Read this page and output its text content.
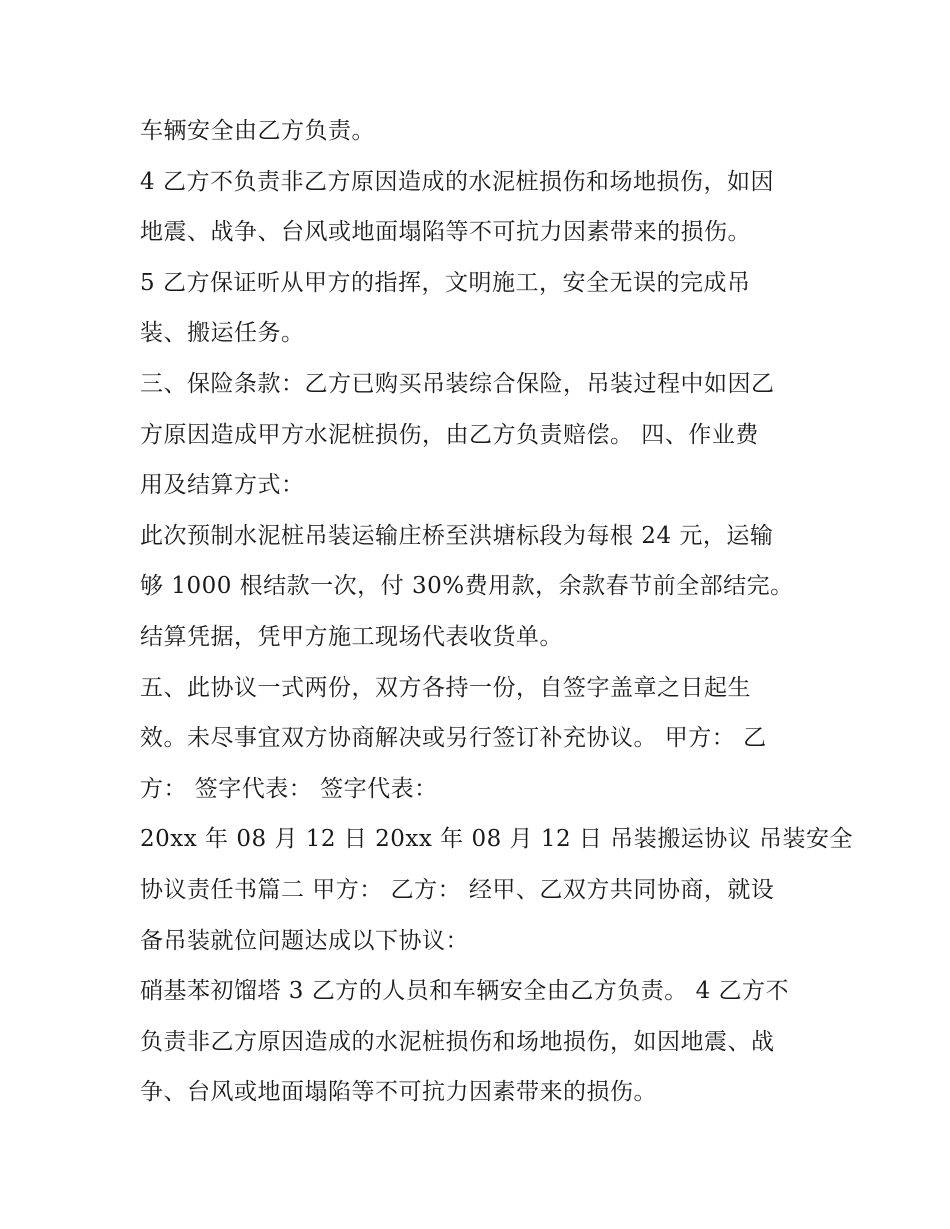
车辆安全由乙方负责。
4 乙方不负责非乙方原因造成的水泥桩损伤和场地损伤，如因
地震、战争、台风或地面塌陷等不可抗力因素带来的损伤。
5 乙方保证听从甲方的指挥，文明施工，安全无误的完成吊
装、搬运任务。
三、保险条款：乙方已购买吊装综合保险，吊装过程中如因乙
方原因造成甲方水泥桩损伤，由乙方负责赔偿。 四、作业费
用及结算方式：
此次预制水泥桩吊装运输庄桥至洪塘标段为每根 24 元，运输
够 1000 根结款一次，付 30%费用款，余款春节前全部结完。
结算凭据，凭甲方施工现场代表收货单。
五、此协议一式两份，双方各持一份，自签字盖章之日起生
效。未尽事宜双方协商解决或另行签订补充协议。 甲方： 乙
方： 签字代表： 签字代表：
20xx 年 08 月 12 日 20xx 年 08 月 12 日 吊装搬运协议 吊装安全
协议责任书篇二 甲方： 乙方： 经甲、乙双方共同协商，就设
备吊装就位问题达成以下协议：
硝基苯初馏塔 3 乙方的人员和车辆安全由乙方负责。 4 乙方不
负责非乙方原因造成的水泥桩损伤和场地损伤，如因地震、战
争、台风或地面塌陷等不可抗力因素带来的损伤。
